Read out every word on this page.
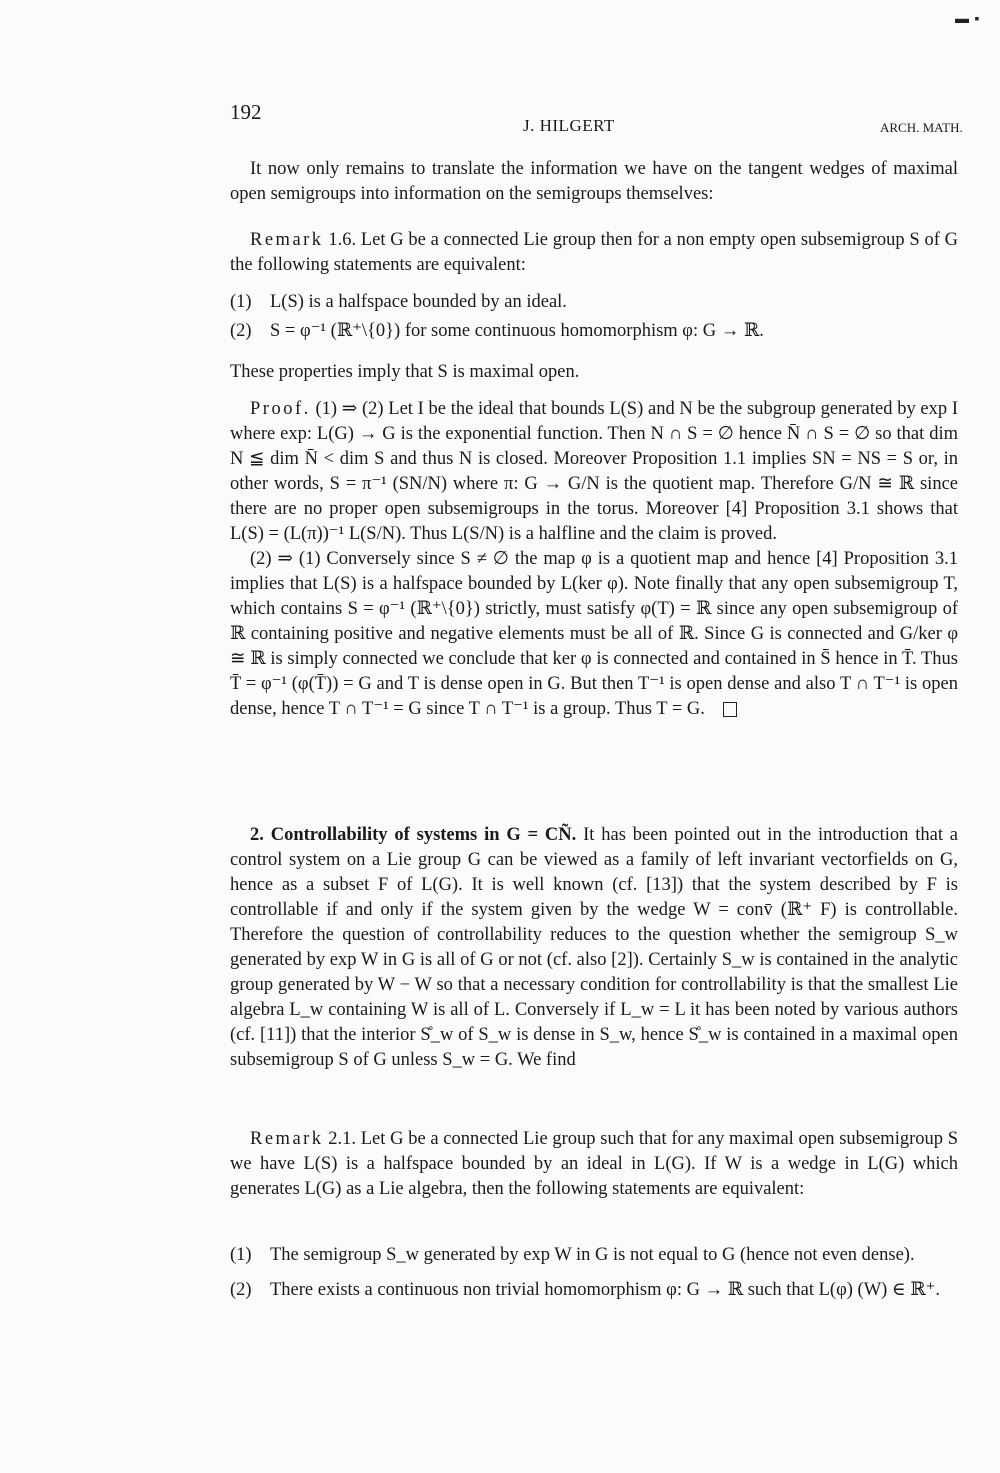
▬ ▪
192
J. HILGERT	ARCH. MATH.

It now only remains to translate the information we have on the tangent wedges of maximal open semigroups into information on the semigroups themselves:

Remark 1.6. Let G be a connected Lie group then for a non empty open subsemigroup S of G the following statements are equivalent:

(1) L(S) is a halfspace bounded by an ideal.
(2) S = φ⁻¹ (ℝ⁺\{0}) for some continuous homomorphism φ: G → ℝ.

These properties imply that S is maximal open.

Proof. (1) ⇒ (2) Let I be the ideal that bounds L(S) and N be the subgroup generated by exp I where exp: L(G) → G is the exponential function. Then N ∩ S = ∅ hence N̄ ∩ S = ∅ so that dim N ≦ dim N̄ < dim S and thus N is closed. Moreover Proposition 1.1 implies SN = NS = S or, in other words, S = π⁻¹ (SN/N) where π: G → G/N is the quotient map. Therefore G/N ≅ ℝ since there are no proper open subsemigroups in the torus. Moreover [4] Proposition 3.1 shows that L(S) = (L(π))⁻¹ L(S/N). Thus L(S/N) is a halfline and the claim is proved.

(2) ⇒ (1) Conversely since S ≠ ∅ the map φ is a quotient map and hence [4] Proposition 3.1 implies that L(S) is a halfspace bounded by L(ker φ). Note finally that any open subsemigroup T, which contains S = φ⁻¹ (ℝ⁺\{0}) strictly, must satisfy φ(T) = ℝ since any open subsemigroup of ℝ containing positive and negative elements must be all of ℝ. Since G is connected and G/ker φ ≅ ℝ is simply connected we conclude that ker φ is connected and contained in S̄ hence in T̄. Thus T̄ = φ⁻¹ (φ(T̄)) = G and T is dense open in G. But then T⁻¹ is open dense and also T ∩ T⁻¹ is open dense, hence T ∩ T⁻¹ = G since T ∩ T⁻¹ is a group. Thus T = G.

2. Controllability of systems in G = CÑ. It has been pointed out in the introduction that a control system on a Lie group G can be viewed as a family of left invariant vectorfields on G, hence as a subset F of L(G). It is well known (cf. [13]) that the system described by F is controllable if and only if the system given by the wedge W = conv̄ (ℝ⁺ F) is controllable. Therefore the question of controllability reduces to the question whether the semigroup S_w generated by exp W in G is all of G or not (cf. also [2]). Certainly S_w is contained in the analytic group generated by W − W so that a necessary condition for controllability is that the smallest Lie algebra L_w containing W is all of L. Conversely if L_w = L it has been noted by various authors (cf. [11]) that the interior S̊_w of S_w is dense in S_w, hence S̊_w is contained in a maximal open subsemigroup S of G unless S_w = G. We find

Remark 2.1. Let G be a connected Lie group such that for any maximal open subsemigroup S we have L(S) is a halfspace bounded by an ideal in L(G). If W is a wedge in L(G) which generates L(G) as a Lie algebra, then the following statements are equivalent:

(1) The semigroup S_w generated by exp W in G is not equal to G (hence not even dense).
(2) There exists a continuous non trivial homomorphism φ: G → ℝ such that L(φ) (W) ∈ ℝ⁺.
